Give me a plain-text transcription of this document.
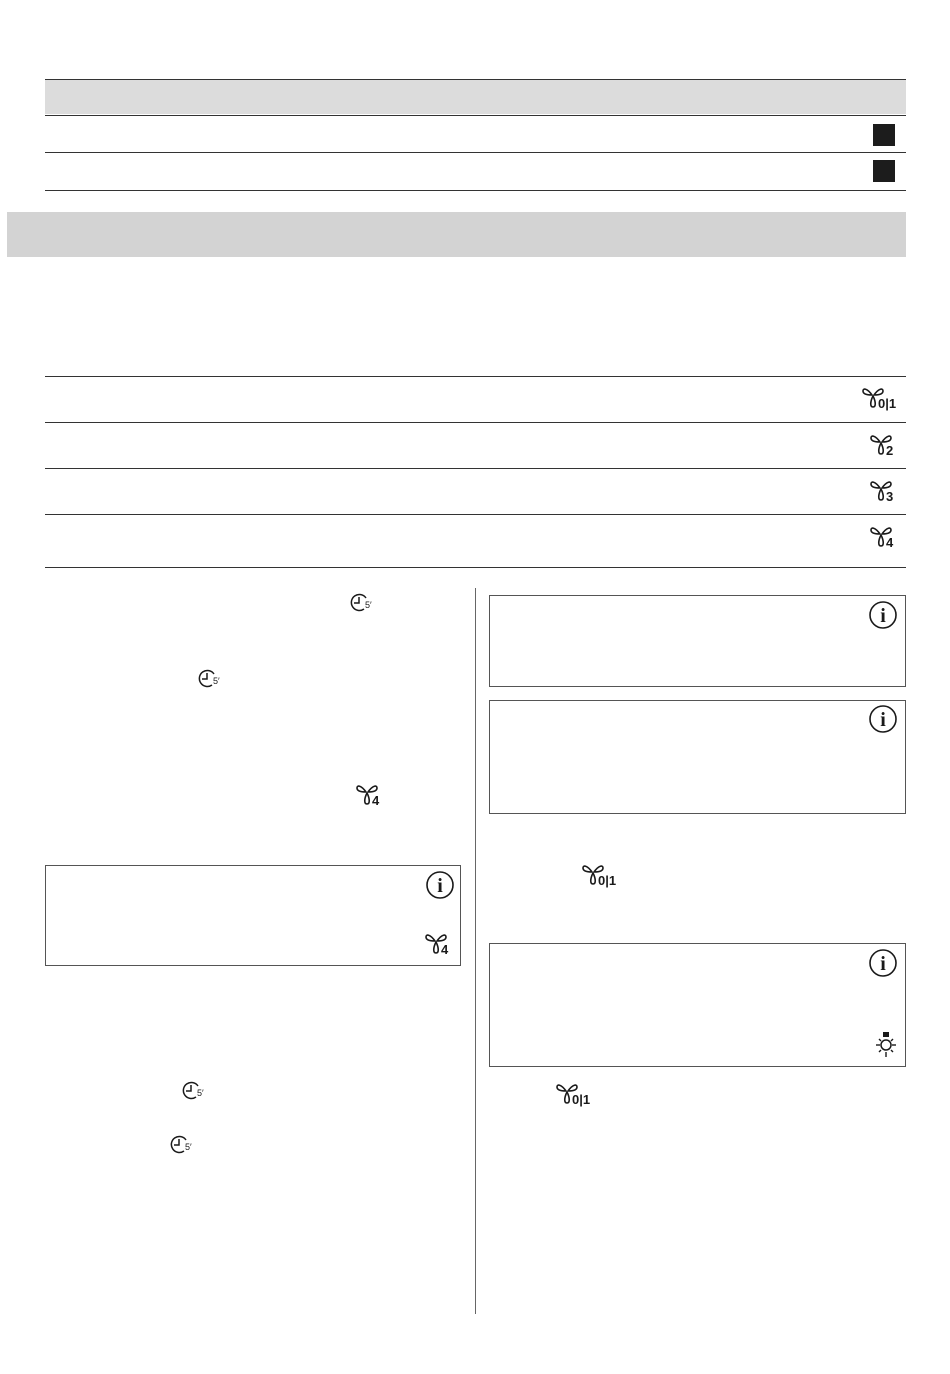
0|1
2
3
4
5′
5′
4
i
4
5′
5′
i
i
0|1
i
0|1
